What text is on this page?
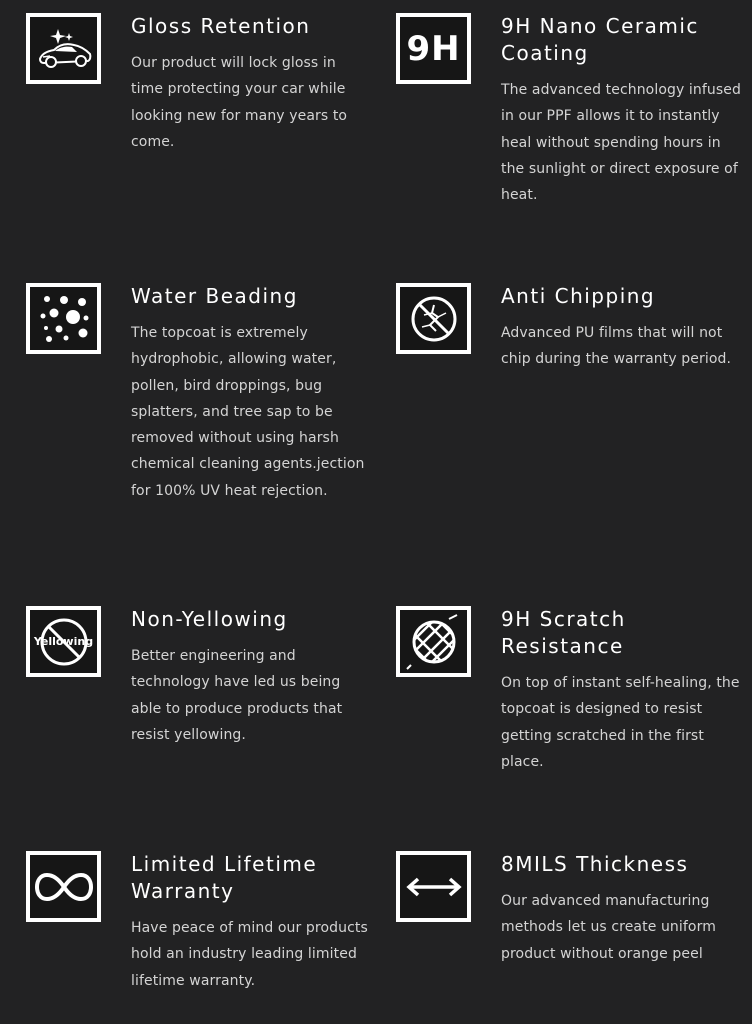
Gloss Retention

Our product will lock gloss in time protecting your car while looking new for many years to come.

9H
9H Nano Ceramic Coating

The advanced technology infused in our PPF allows it to instantly heal without spending hours in the sunlight or direct exposure of heat.

Water Beading

The topcoat is extremely hydrophobic, allowing water, pollen, bird droppings, bug splatters, and tree sap to be removed without using harsh chemical cleaning agents.jection for 100% UV heat rejection.

Anti Chipping

Advanced PU films that will not chip during the warranty period.

Yellowing
Non-Yellowing

Better engineering and technology have led us being able to produce products that resist yellowing.

9H Scratch Resistance

On top of instant self-healing, the topcoat is designed to resist getting scratched in the first place.

Limited Lifetime Warranty

Have peace of mind our products hold an industry leading limited lifetime warranty.

8MILS Thickness

Our advanced manufacturing methods let us create uniform product without orange peel
